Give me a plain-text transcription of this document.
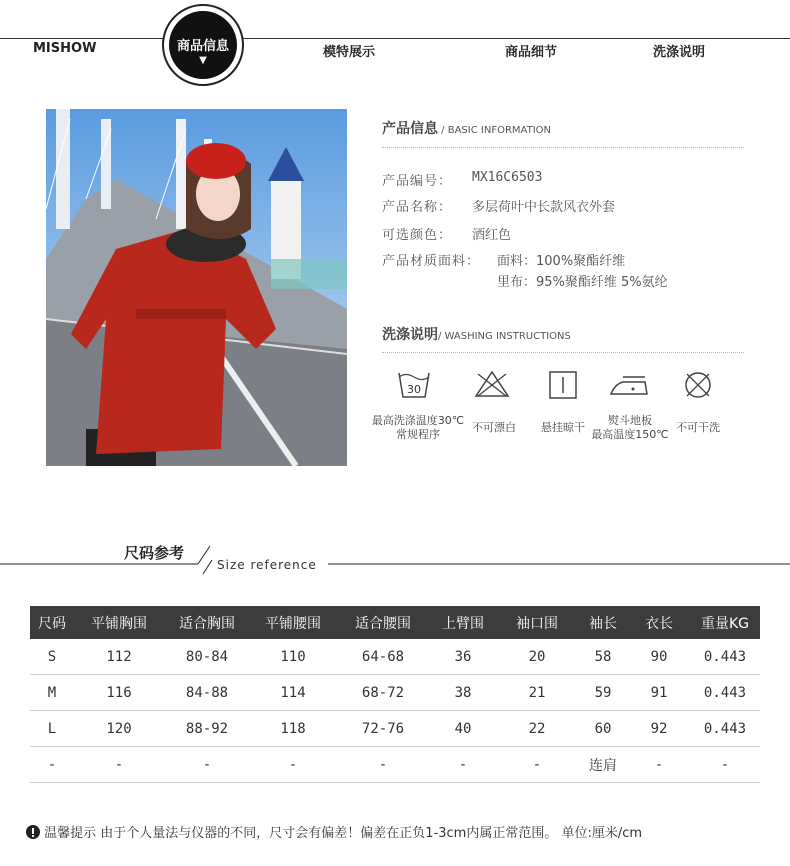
MISHOW	商品信息
▼
模特展示	商品细节	洗涤说明
产品信息 / BASIC INFORMATION
产品编号： MX16C6503
产品名称： 多层荷叶中长款风衣外套
可选颜色： 酒红色
产品材质面料： 面料：100%聚酯纤维
里布：95%聚酯纤维 5%氨纶
洗涤说明/ WASHING INSTRUCTIONS
30
最高洗涤温度30℃
常规程序
不可漂白	悬挂晾干
熨斗地板
最高温度150℃
不可干洗
尺码参考
Size reference
尺码	平铺胸围	适合胸围	平铺腰围	适合腰围	上臂围	袖口围	袖长	衣长	重量KG
S	112	80-84	110	64-68	36	20	58	90	0.443
M	116	84-88	114	68-72	38	21	59	91	0.443
L	120	88-92	118	72-76	40	22	60	92	0.443
-	-	-	-	-	-	-	连肩	-	-
温馨提示 由于个人量法与仪器的不同，尺寸会有偏差！偏差在正负1-3cm内属正常范围。 单位:厘米/cm
